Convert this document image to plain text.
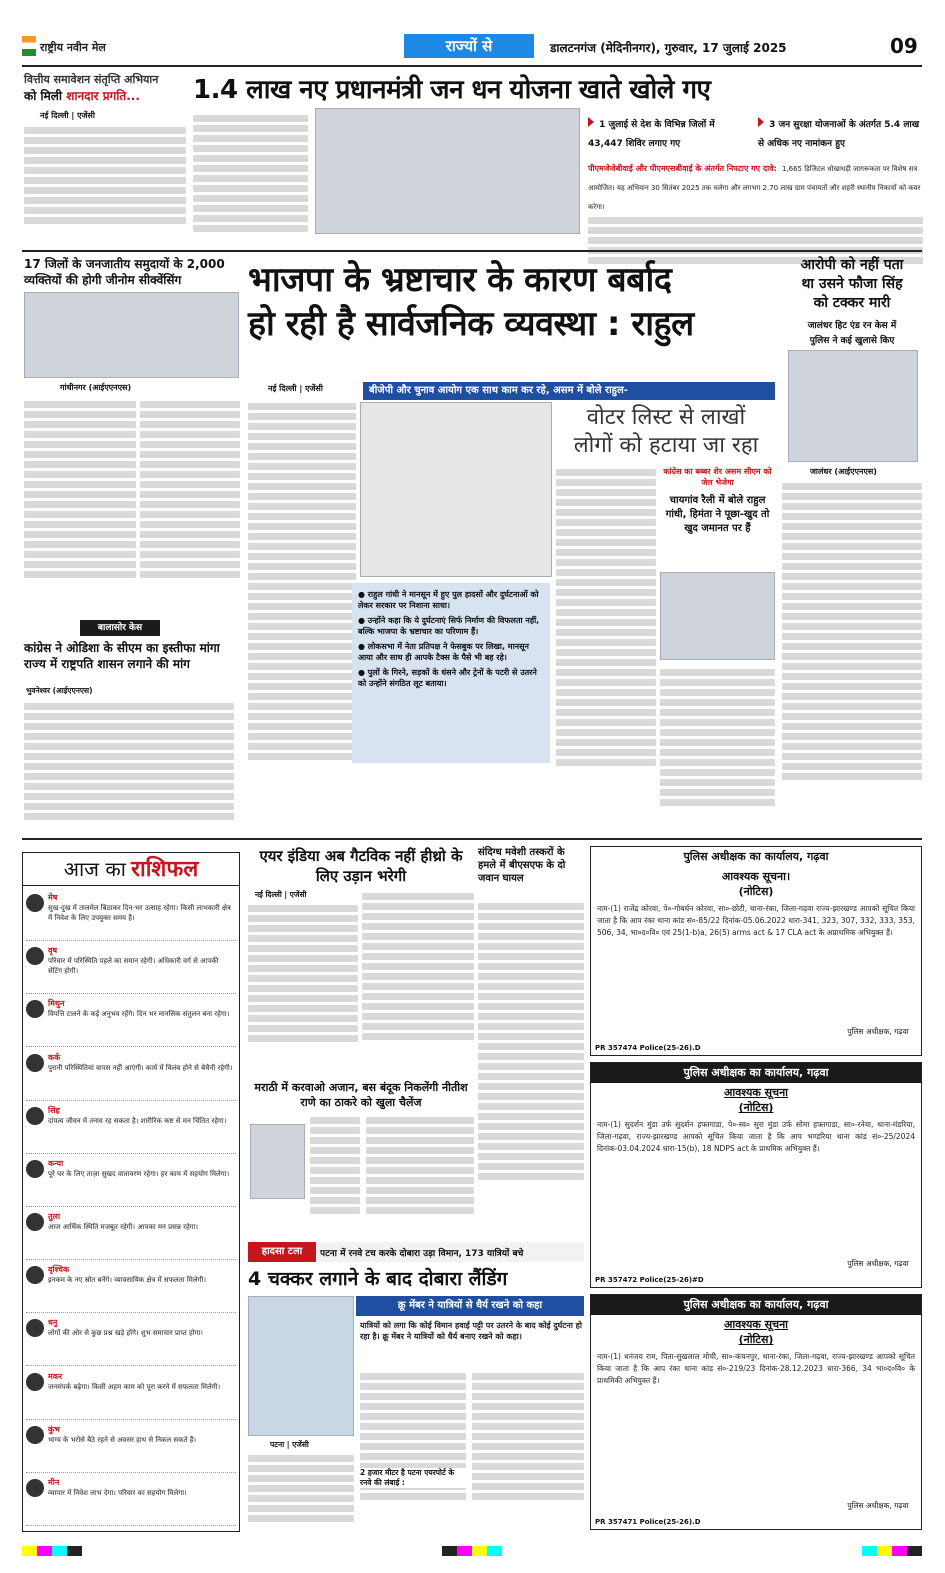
राष्ट्रीय नवीन मेल	राज्यों से	डालटनगंज (मेदिनीनगर), गुरुवार, 17 जुलाई 2025	09
वित्तीय समावेशन संतृप्ति अभियान
को मिली शानदार प्रगति...	1.4 लाख नए प्रधानमंत्री जन धन योजना खाते खोले गए
नई दिल्ली | एजेंसी
1 जुलाई से देश के विभिन्न जिलों में 43,447 शिविर लगाए गए
3 जन सुरक्षा योजनाओं के अंतर्गत 5.4 लाख से अधिक नए नामांकन हुए
पीएमजेजेबीवाई और पीएमएसबीवाई के अंतर्गत निपटाए गए दावे: 1,665 डिजिटल धोखाधड़ी जागरूकता पर विशेष सत्र आयोजित। यह अभियान 30 सितंबर 2025 तक चलेगा और लगभग 2.70 लाख ग्राम पंचायतों और शहरी स्थानीय निकायों को कवर करेगा।
17 जिलों के जनजातीय समुदायों के 2,000 व्यक्तियों की होगी जीनोम सीक्वेंसिंग
गांधीनगर (आईएएनएस)
बालासोर केस
कांग्रेस ने ओडिशा के सीएम का इस्तीफा मांगा राज्य में राष्ट्रपति शासन लगाने की मांग
भुवनेश्वर (आईएएनएस)
भाजपा के भ्रष्टाचार के कारण बर्बाद
हो रही है सार्वजनिक व्यवस्था : राहुल
नई दिल्ली | एजेंसी	बीजेपी और चुनाव आयोग एक साथ काम कर रहे, असम में बोले राहुल-
● राहुल गांधी ने मानसून में हुए पुल हादसों और दुर्घटनाओं को लेकर सरकार पर निशाना साधा।
● उन्होंने कहा कि ये दुर्घटनाएं सिर्फ निर्माण की विफलता नहीं, बल्कि भाजपा के भ्रष्टाचार का परिणाम हैं।
● लोकसभा में नेता प्रतिपक्ष ने फेसबुक पर लिखा, मानसून आया और साथ ही आपके टैक्स के पैसे भी बह रहे।
● पुलों के गिरने, सड़कों के धंसने और ट्रेनों के पटरी से उतरने को उन्होंने संगठित लूट बताया।
वोटर लिस्ट से लाखों
लोगों को हटाया जा रहा
कांग्रेस का बब्बर शेर असम सीएम को जेल भेजेगा
चायगांव रैली में बोले राहुल गांधी, हिमंता ने पूछा-खुद तो खुद जमानत पर हैं
आरोपी को नहीं पता
था उसने फौजा सिंह
को टक्कर मारी
जालंधर हिट एंड रन केस में
पुलिस ने कई खुलासे किए
जालंधर (आईएएनएस)
आज का राशिफल
मेष
सुख-दुख में तालमेल बिठाकर दिन-भर उत्साह रहेगा। किसी लाभकारी क्षेत्र में निवेश के लिए उपयुक्त समय है।
वृष
परिवार में परिस्थिति पहले का समान रहेगी। अधिकारी वर्ग से आपकी सेटिंग होगी।
मिथुन
विपत्ति टालने के कई अनुभव रहेंगे। दिन भर मानसिक संतुलन बना रहेगा।
कर्क
पुरानी परिस्थितियां वापस नहीं आएंगी। कार्य में विलंब होने से बेचैनी रहेगी।
सिंह
दांपत्य जीवन में तनाव रह सकता है। शारीरिक कष्ट से मन चिंतित रहेगा।
कन्या
पूरे घर के लिए ताज़ा सुखद वातावरण रहेगा। हर काम में सहयोग मिलेगा।
तुला
आज आर्थिक स्थिति मजबूत रहेगी। आपका मन प्रसन्न रहेगा।
वृश्चिक
इनकम के नए स्रोत बनेंगे। व्यावसायिक क्षेत्र में सफलता मिलेगी।
धनु
लोगों की ओर से कुछ प्रश्न खड़े होंगे। शुभ समाचार प्राप्त होगा।
मकर
जनसंपर्क बढ़ेगा। किसी अहम काम को पूरा करने में सफलता मिलेगी।
कुंभ
भाग्य के भरोसे बैठे रहने से अवसर हाथ से निकल सकते हैं।
मीन
व्यापार में निवेश लाभ देगा। परिवार का सहयोग मिलेगा।
एयर इंडिया अब गैटविक नहीं हीथ्रो के लिए उड़ान भरेगी
नई दिल्ली | एजेंसी
मराठी में करवाओ अजान, बस बंदूक निकलेंगी नीतीश राणे का ठाकरे को खुला चैलेंज
संदिग्ध मवेशी तस्करों के हमले में बीएसएफ के दो जवान घायल
हादसा टला	पटना में रनवे टच करके दोबारा उड़ा विमान, 173 यात्रियों बचे
4 चक्कर लगाने के बाद दोबारा लैंडिंग
क्रू मेंबर ने यात्रियों से धैर्य रखने को कहा
यात्रियों को लगा कि कोई विमान हवाई पट्टी पर उतरने के बाद कोई दुर्घटना हो रहा है। क्रू मेंबर ने यात्रियों को धैर्य बनाए रखने को कहा।
पटना | एजेंसी
2 हजार मीटर है पटना एयरपोर्ट के रनवे की लंबाई :
पुलिस अधीक्षक का कार्यालय, गढ़वा
आवश्यक सूचना।
(नोटिस)
नाम-(1) राजेंद्र कोरवा, पे०-गोबर्धन कोरवा, सा०-छोटी, थाना-रंका, जिला-गढ़वा राज्य-झारखण्ड आपको सूचित किया जाता है कि आप रंका थाना कांड सं०-85/22 दिनांक-05.06.2022 धारा-341, 323, 307, 332, 333, 353, 506, 34, भा०द०वि० एवं 25(1-b)a, 26(5) arms act & 17 CLA act के अप्राथमिक अभियुक्त हैं।
पुलिस अधीक्षक, गढ़वा
PR 357474 Police(25-26).D
पुलिस अधीक्षक का कार्यालय, गढ़वा
आवश्यक सूचना
(नोटिस)
नाम-(1) सुदर्शन मुंडा उर्फ सुदर्शन हफ्तगाडा, पे०-स्व० सुरा मुंडा उर्फ सोमा हफ्तगाडा, सा०-रनेया, थाना-मंडरिया, जिला-गढ़वा, राज्य-झारखण्ड आपको सूचित किया जाता है कि आप भण्डरिया थाना कांड सं०-25/2024 दिनांक-03.04.2024 धारा-15(b), 18 NDPS act के प्राथमिक अभियुक्त हैं।
पुलिस अधीक्षक, गढ़वा
PR 357472 Police(25-26)#D
पुलिस अधीक्षक का कार्यालय, गढ़वा
आवश्यक सूचना
(नोटिस)
नाम-(1) धनंजय राम, पिता-सुखलाल मोची, सा०-कंचनपुर, थाना-रंका, जिला-गढ़वा, राज्य-झारखण्ड आपको सूचित किया जाता है कि आप रंका थाना कांड सं०-219/23 दिनांक-28.12.2023 धारा-366, 34 भा०द०वि० के प्राथमिकी अभियुक्त हैं।
पुलिस अधीक्षक, गढ़वा
PR 357471 Police(25-26).D
